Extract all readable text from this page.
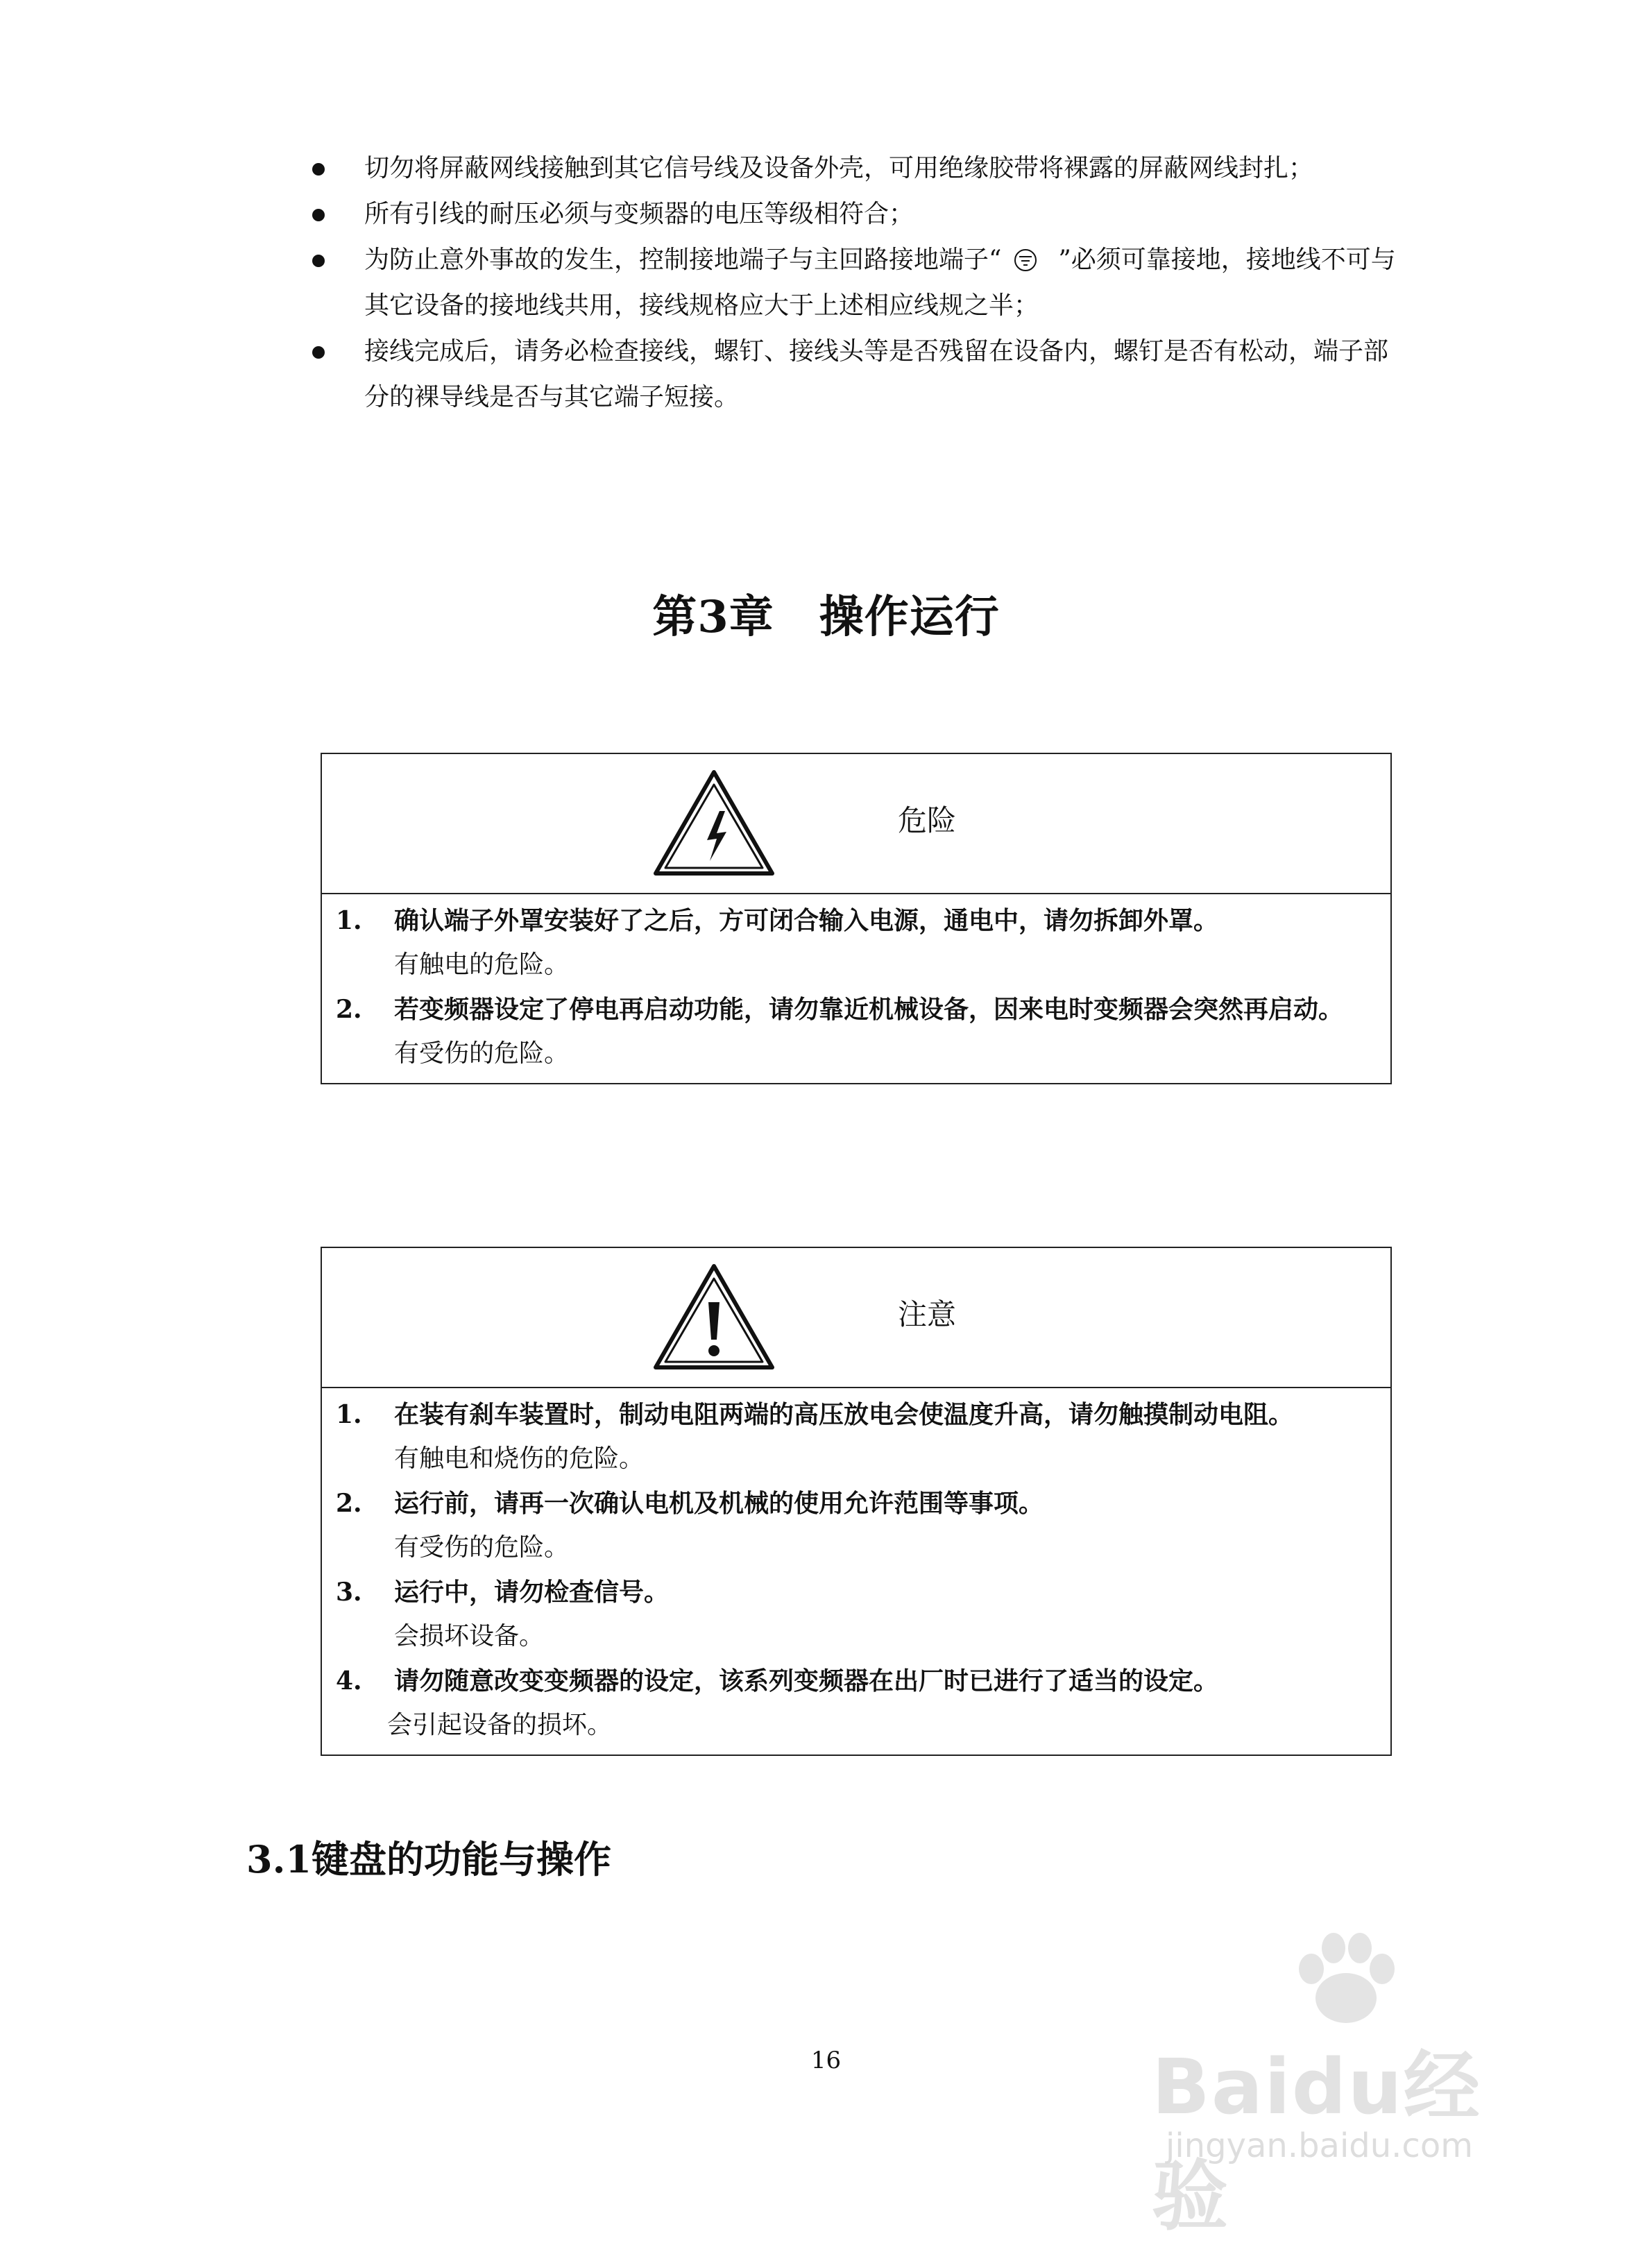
切勿将屏蔽网线接触到其它信号线及设备外壳，可用绝缘胶带将裸露的屏蔽网线封扎；
所有引线的耐压必须与变频器的电压等级相符合；
为防止意外事故的发生，控制接地端子与主回路接地端子“ ”必须可靠接地，接地线不可与其它设备的接地线共用，接线规格应大于上述相应线规之半；
接线完成后，请务必检查接线，螺钉、接线头等是否残留在设备内，螺钉是否有松动，端子部分的裸导线是否与其它端子短接。
第3章　操作运行
危险
1. 确认端子外罩安装好了之后，方可闭合输入电源，通电中，请勿拆卸外罩。
有触电的危险。
2. 若变频器设定了停电再启动功能，请勿靠近机械设备，因来电时变频器会突然再启动。
有受伤的危险。
注意
1. 在装有刹车装置时，制动电阻两端的高压放电会使温度升高，请勿触摸制动电阻。
有触电和烧伤的危险。
2. 运行前，请再一次确认电机及机械的使用允许范围等事项。
有受伤的危险。
3. 运行中，请勿检查信号。
会损坏设备。
4. 请勿随意改变变频器的设定，该系列变频器在出厂时已进行了适当的设定。
会引起设备的损坏。
3.1键盘的功能与操作
16	Baidu经验
jingyan.baidu.com
